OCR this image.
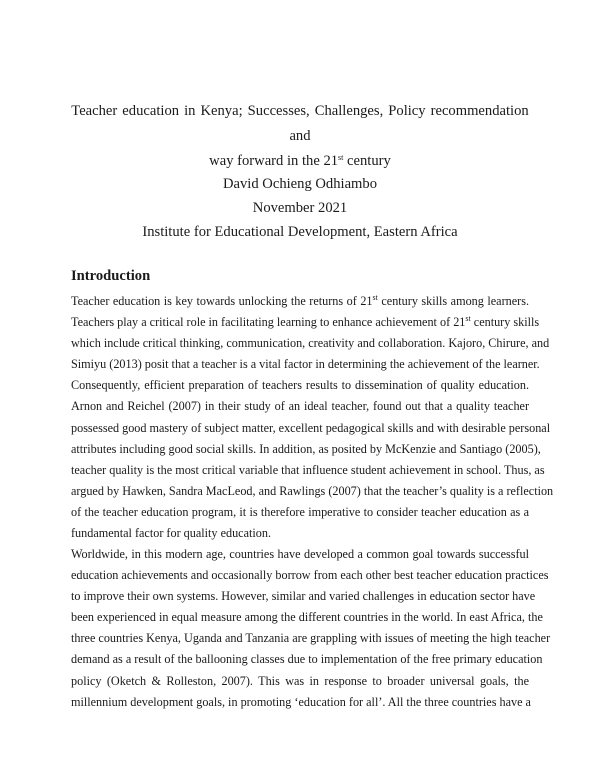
Teacher education in Kenya; Successes, Challenges, Policy recommendation and
way forward in the 21st century
David Ochieng Odhiambo
November 2021
Institute for Educational Development, Eastern Africa
Introduction
Teacher education is key towards unlocking the returns of 21st century skills among learners.
Teachers play a critical role in facilitating learning to enhance achievement of 21st century skills
which include critical thinking, communication, creativity and collaboration. Kajoro, Chirure, and
Simiyu (2013) posit that a teacher is a vital factor in determining the achievement of the learner.
Consequently, efficient preparation of teachers results to dissemination of quality education.
Arnon and Reichel (2007) in their study of an ideal teacher, found out that a quality teacher
possessed good mastery of subject matter, excellent pedagogical skills and with desirable personal
attributes including good social skills. In addition, as posited by McKenzie and Santiago (2005),
teacher quality is the most critical variable that influence student achievement in school. Thus, as
argued by Hawken, Sandra MacLeod, and Rawlings (2007) that the teacher’s quality is a reflection
of the teacher education program, it is therefore imperative to consider teacher education as a
fundamental factor for quality education.
Worldwide, in this modern age, countries have developed a common goal towards successful
education achievements and occasionally borrow from each other best teacher education practices
to improve their own systems. However, similar and varied challenges in education sector have
been experienced in equal measure among the different countries in the world. In east Africa, the
three countries Kenya, Uganda and Tanzania are grappling with issues of meeting the high teacher
demand as a result of the ballooning classes due to implementation of the free primary education
policy (Oketch & Rolleston, 2007). This was in response to broader universal goals, the
millennium development goals, in promoting ‘education for all’. All the three countries have a
